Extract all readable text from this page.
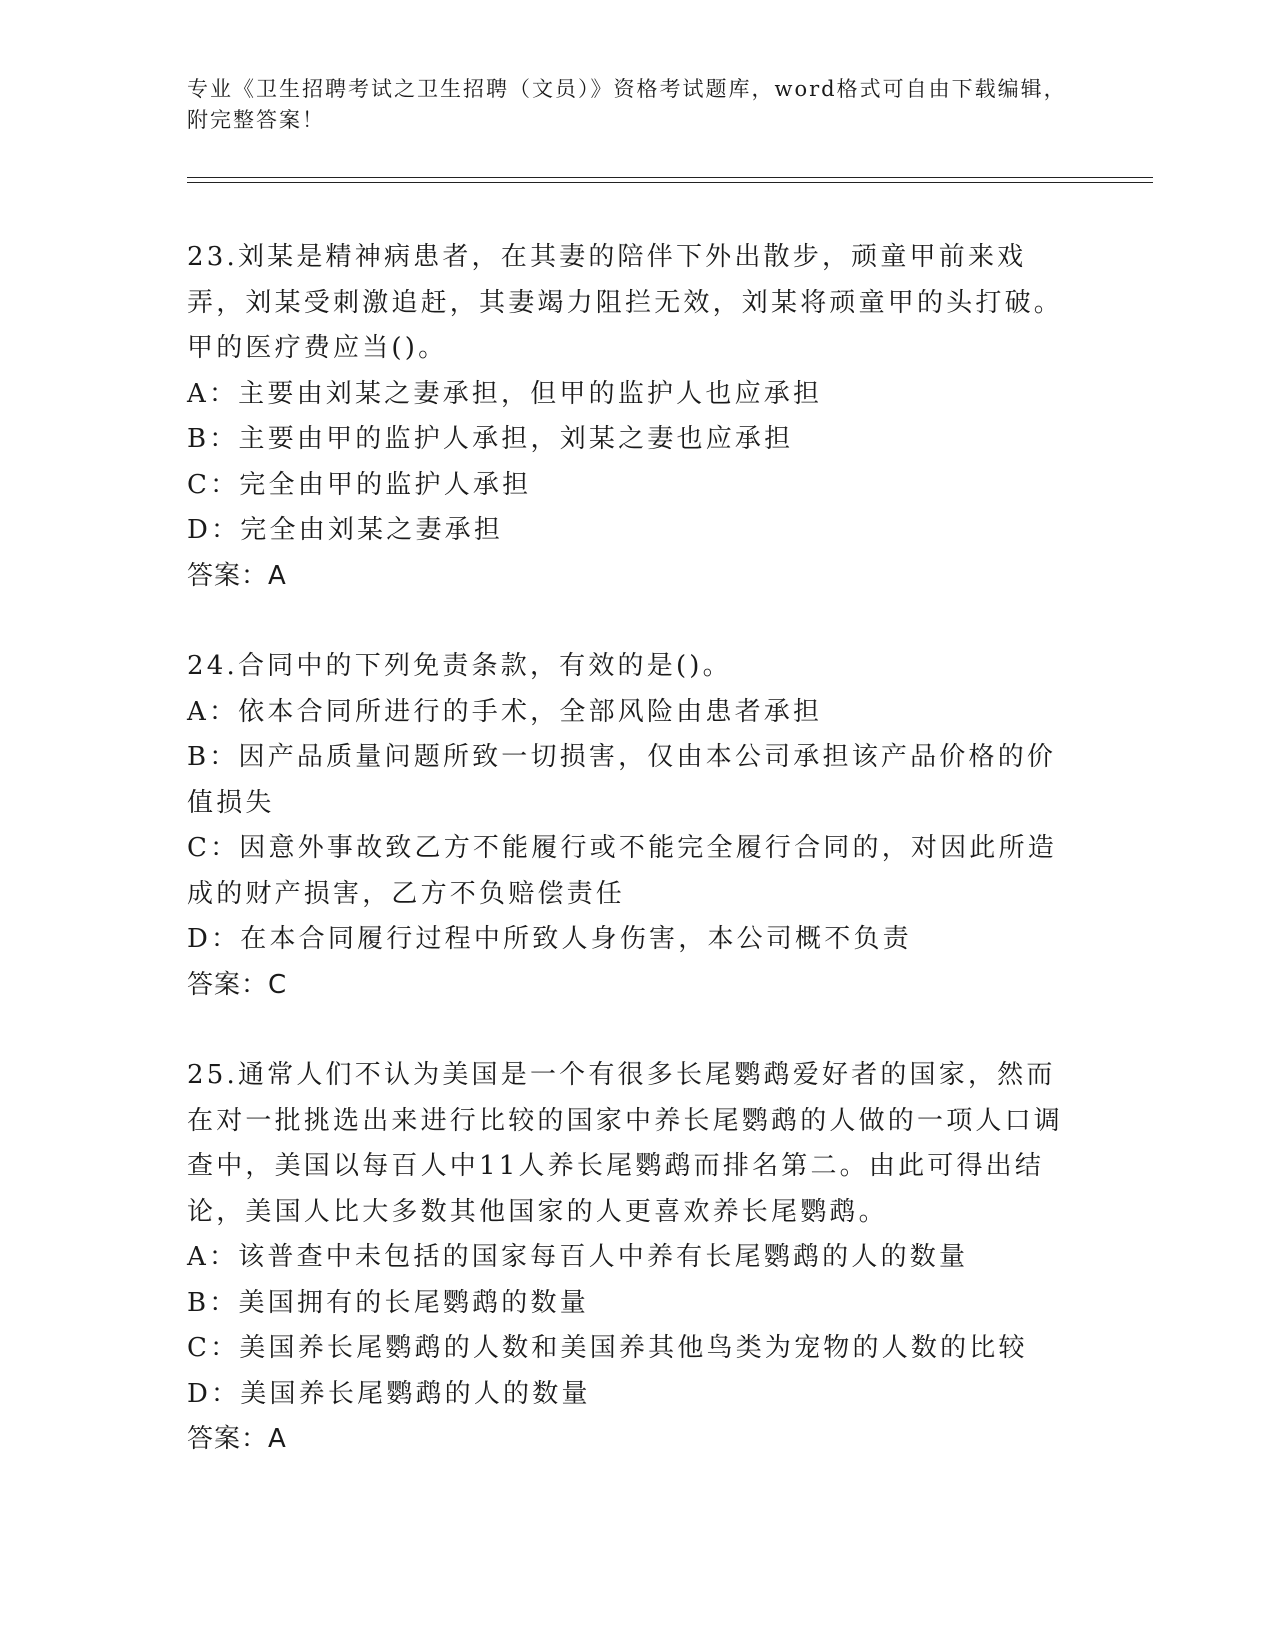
专业《卫生招聘考试之卫生招聘（文员）》资格考试题库，word格式可自由下载编辑，附完整答案！
23.刘某是精神病患者，在其妻的陪伴下外出散步，顽童甲前来戏弄，刘某受刺激追赶，其妻竭力阻拦无效，刘某将顽童甲的头打破。甲的医疗费应当()。
A：主要由刘某之妻承担，但甲的监护人也应承担
B：主要由甲的监护人承担，刘某之妻也应承担
C：完全由甲的监护人承担
D：完全由刘某之妻承担
答案：A
24.合同中的下列免责条款，有效的是()。
A：依本合同所进行的手术，全部风险由患者承担
B：因产品质量问题所致一切损害，仅由本公司承担该产品价格的价值损失
C：因意外事故致乙方不能履行或不能完全履行合同的，对因此所造成的财产损害，乙方不负赔偿责任
D：在本合同履行过程中所致人身伤害，本公司概不负责
答案：C
25.通常人们不认为美国是一个有很多长尾鹦鹉爱好者的国家，然而在对一批挑选出来进行比较的国家中养长尾鹦鹉的人做的一项人口调查中，美国以每百人中11人养长尾鹦鹉而排名第二。由此可得出结论，美国人比大多数其他国家的人更喜欢养长尾鹦鹉。
A：该普查中未包括的国家每百人中养有长尾鹦鹉的人的数量
B：美国拥有的长尾鹦鹉的数量
C：美国养长尾鹦鹉的人数和美国养其他鸟类为宠物的人数的比较
D：美国养长尾鹦鹉的人的数量
答案：A
